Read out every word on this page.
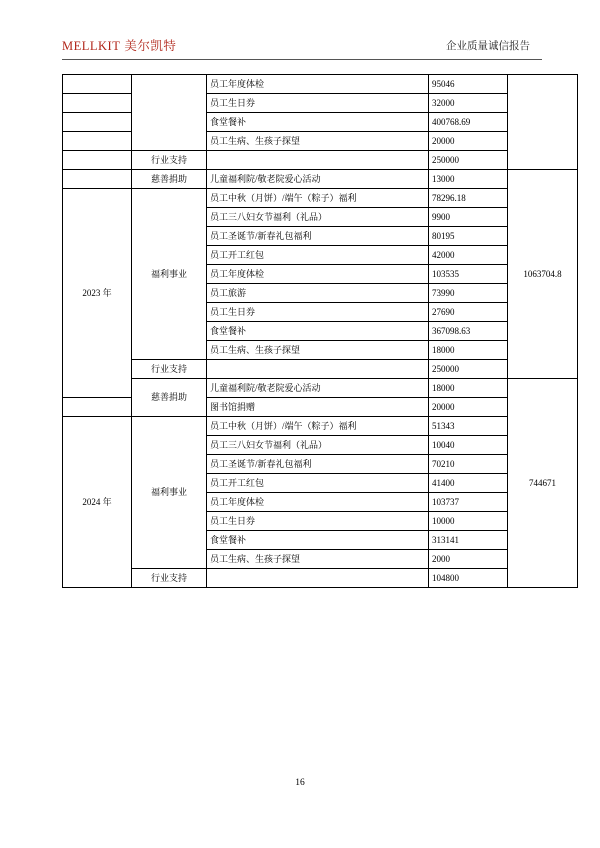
MELLKIT 美尔凯特	企业质量诚信报告
		员工年度体检	95046	
		员工生日券	32000	
		食堂餐补	400768.69	
		员工生病、生孩子探望	20000	
	行业支持		250000	
	慈善捐助	儿童福利院/敬老院爱心活动	13000	1063704.8
2023 年	福利事业	员工中秋（月饼）/端午（粽子）福利	78296.18	
		员工三八妇女节福利（礼品）	9900	
		员工圣诞节/新春礼包福利	80195	
		员工开工红包	42000	
		员工年度体检	103535	
		员工旅游	73990	
		员工生日券	27690	
		食堂餐补	367098.63	
		员工生病、生孩子探望	18000	
	行业支持		250000	
	慈善捐助	儿童福利院/敬老院爱心活动	18000	744671
		图书馆捐赠	20000	
2024 年	福利事业	员工中秋（月饼）/端午（粽子）福利	51343	
		员工三八妇女节福利（礼品）	10040	
		员工圣诞节/新春礼包福利	70210	
		员工开工红包	41400	
		员工年度体检	103737	
		员工生日券	10000	
		食堂餐补	313141	
		员工生病、生孩子探望	2000	
	行业支持		104800	
16
